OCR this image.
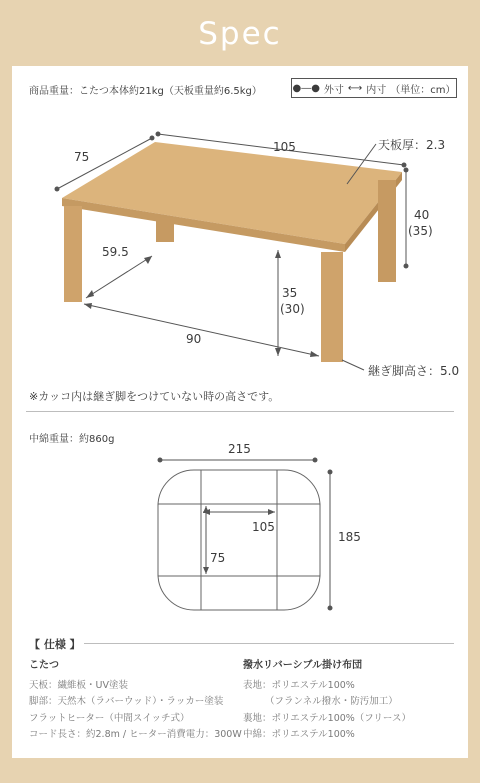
Spec
商品重量：こたつ本体約21kg（天板重量約6.5kg）	●―● 外寸 ⟷ 内寸 （単位：cm）
75
105	天板厚：2.3
40
(35)
59.5
35
(30)
90
継ぎ脚高さ：5.0
※カッコ内は継ぎ脚をつけていない時の高さです。
中綿重量：約860g
215
185
105
75
【 仕様 】
こたつ
天板：繊維板・UV塗装
脚部：天然木（ラバーウッド）・ラッカー塗装
フラットヒーター（中間スイッチ式）
コード長さ：約2.8m / ヒーター消費電力：300W
撥水リバーシブル掛け布団
表地：ポリエステル100%
（フランネル撥水・防汚加工）
裏地：ポリエステル100%（フリース）
中綿：ポリエステル100%
